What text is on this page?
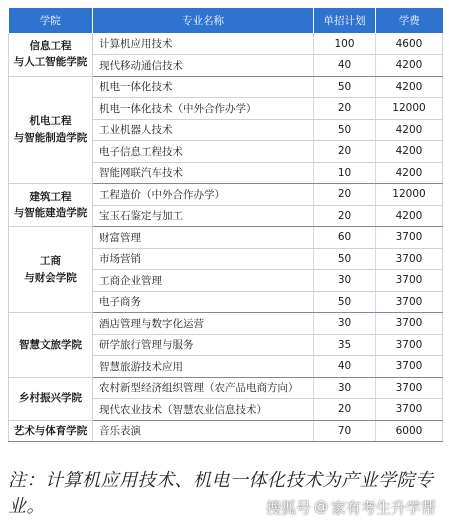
学院	专业名称	单招计划	学费

信息工程
与人工智能学院	计算机应用技术	100	4600
	现代移动通信技术	40	4200

机电工程
与智能制造学院	机电一体化技术	50	4200
	机电一体化技术（中外合作办学）	20	12000
	工业机器人技术	50	4200
	电子信息工程技术	20	4200
	智能网联汽车技术	10	4200

建筑工程
与智能建造学院	工程造价（中外合作办学）	20	12000
	宝玉石鉴定与加工	20	4200

工商
与财会学院	财富管理	60	3700
	市场营销	50	3700
	工商企业管理	30	3700
	电子商务	50	3700

智慧文旅学院	酒店管理与数字化运营	30	3700
	研学旅行管理与服务	35	3700
	智慧旅游技术应用	40	3700

乡村振兴学院	农村新型经济组织管理（农产品电商方向）	30	3700
	现代农业技术（智慧农业信息技术）	20	3700

艺术与体育学院	音乐表演	70	6000
注：计算机应用技术、机电一体化技术为产业学院专业。	搜狐号 @ 家有考生升学帮
